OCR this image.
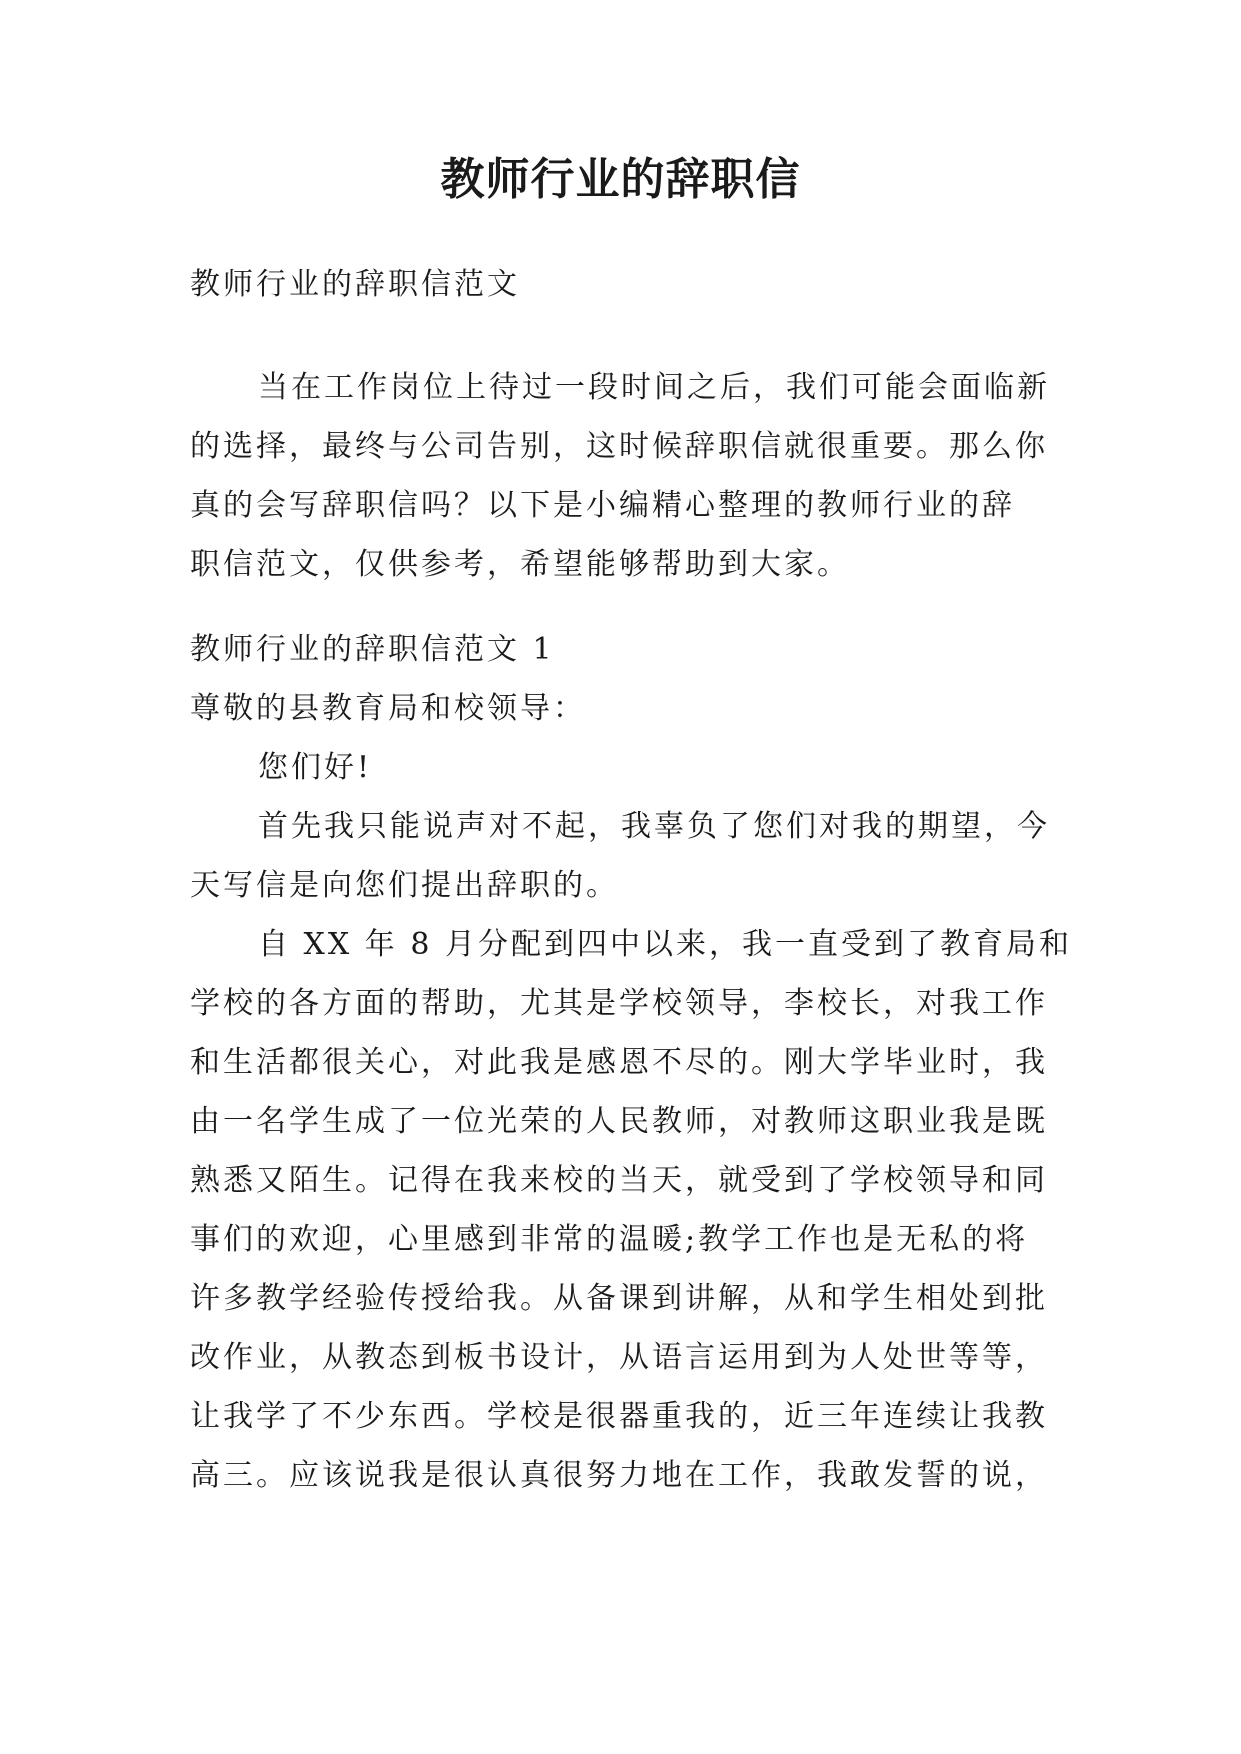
教师行业的辞职信

教师行业的辞职信范文

当在工作岗位上待过一段时间之后，我们可能会面临新
的选择，最终与公司告别，这时候辞职信就很重要。那么你
真的会写辞职信吗？以下是小编精心整理的教师行业的辞
职信范文，仅供参考，希望能够帮助到大家。
教师行业的辞职信范文 1
尊敬的县教育局和校领导：
您们好!
首先我只能说声对不起，我辜负了您们对我的期望，今
天写信是向您们提出辞职的。
自 XX 年 8 月分配到四中以来，我一直受到了教育局和
学校的各方面的帮助，尤其是学校领导，李校长，对我工作
和生活都很关心，对此我是感恩不尽的。刚大学毕业时，我
由一名学生成了一位光荣的人民教师，对教师这职业我是既
熟悉又陌生。记得在我来校的当天，就受到了学校领导和同
事们的欢迎，心里感到非常的温暖;教学工作也是无私的将
许多教学经验传授给我。从备课到讲解，从和学生相处到批
改作业，从教态到板书设计，从语言运用到为人处世等等，
让我学了不少东西。学校是很器重我的，近三年连续让我教
高三。应该说我是很认真很努力地在工作，我敢发誓的说，
